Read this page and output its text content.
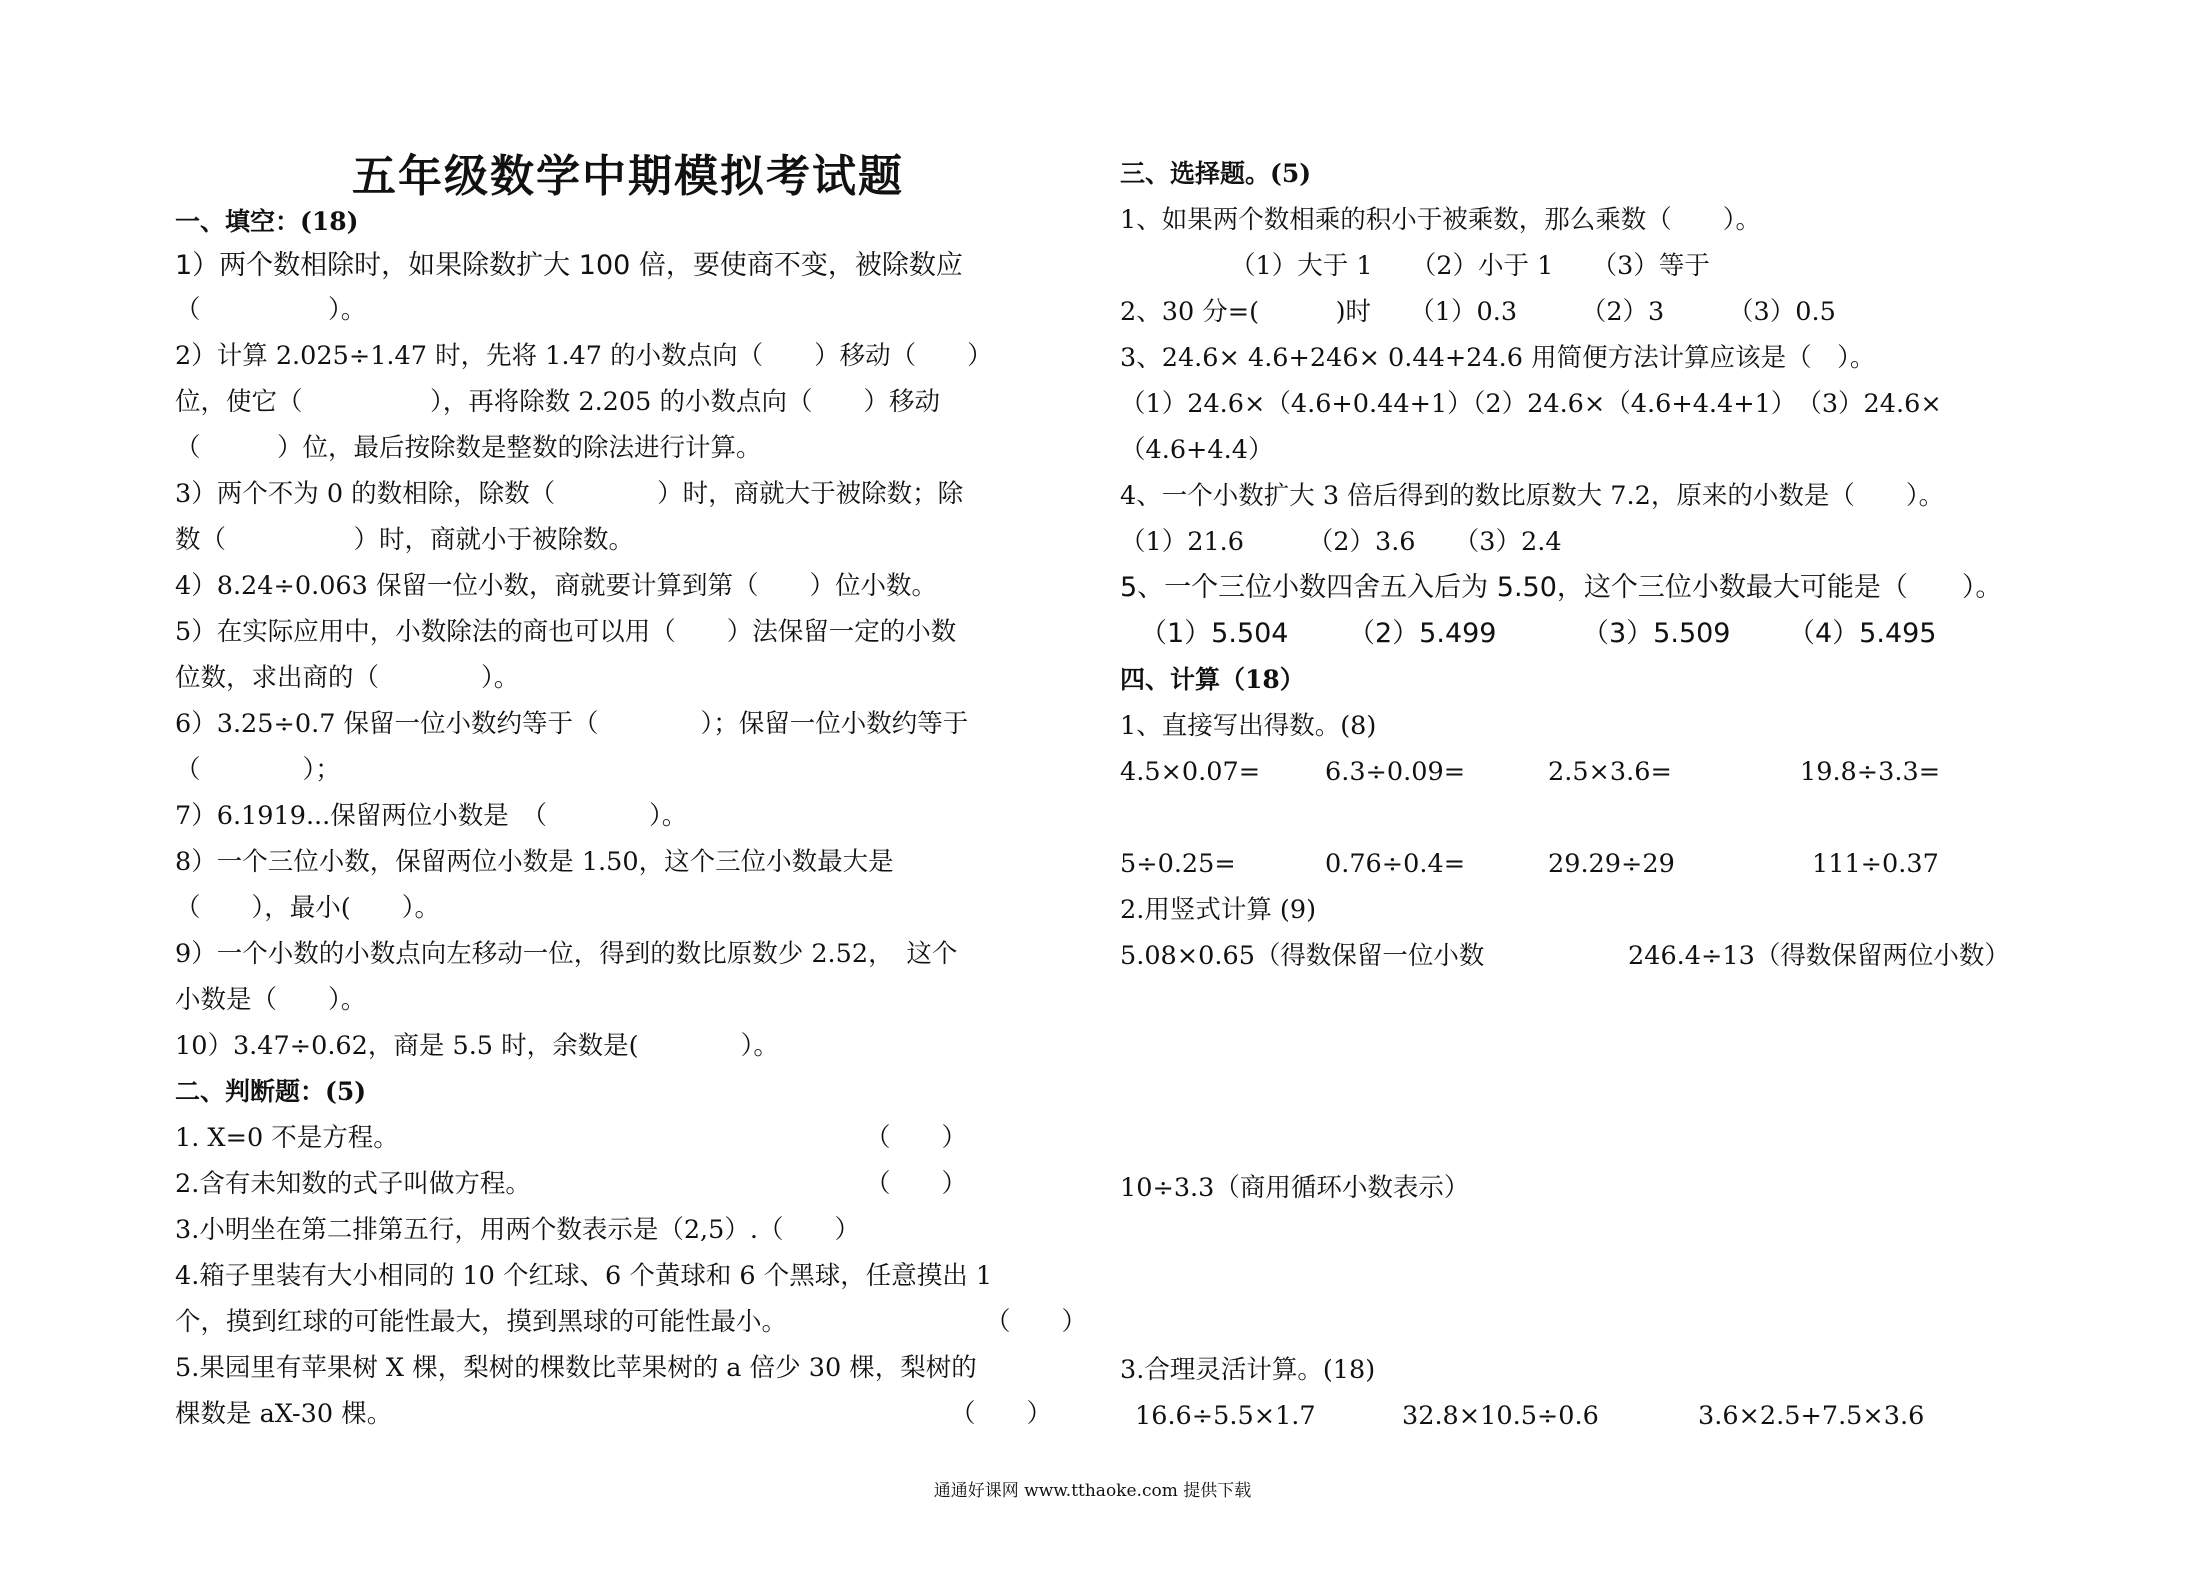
五年级数学中期模拟考试题
一、填空：(18)
1）两个数相除时，如果除数扩大 100 倍，要使商不变，被除数应
（　　　　　）。
2）计算 2.025÷1.47 时，先将 1.47 的小数点向（　　）移动（　　）
位，使它（　　　　　），再将除数 2.205 的小数点向（　　）移动
（　　　）位，最后按除数是整数的除法进行计算。
3）两个不为 0 的数相除，除数（　　　　）时，商就大于被除数；除
数（　　　　　）时，商就小于被除数。
4）8.24÷0.063 保留一位小数，商就要计算到第（　　）位小数。
5）在实际应用中，小数除法的商也可以用（　　）法保留一定的小数
位数，求出商的（　　　　）。
6）3.25÷0.7 保留一位小数约等于（　　　　）；保留一位小数约等于
（　　　　）；
7）6.1919...保留两位小数是　（　　　　）。
8）一个三位小数，保留两位小数是 1.50，这个三位小数最大是
（　　），最小(　　）。
9）一个小数的小数点向左移动一位，得到的数比原数少 2.52，　这个
小数是（　　）。
10）3.47÷0.62，商是 5.5 时，余数是(　　　　）。
二、判断题：(5)
1. X=0 不是方程。	（　　）
2.含有未知数的式子叫做方程。	（　　）
3.小明坐在第二排第五行，用两个数表示是（2,5）.（　　）
4.箱子里装有大小相同的 10 个红球、6 个黄球和 6 个黑球，任意摸出 1
个，摸到红球的可能性最大，摸到黑球的可能性最小。	（　　）
5.果园里有苹果树 X 棵，梨树的棵数比苹果树的 a 倍少 30 棵，梨树的
棵数是 aX-30 棵。	（　　）
三、选择题。(5)
1、如果两个数相乘的积小于被乘数，那么乘数（　　）。
（1）大于 1　　（2）小于 1　　（3）等于
2、30 分=(　　　)时　　（1）0.3　　　（2）3　　　（3）0.5
3、24.6× 4.6+246× 0.44+24.6 用简便方法计算应该是（　）。
（1）24.6×（4.6+0.44+1）（2）24.6×（4.6+4.4+1）　（3）24.6×
（4.6+4.4）
4、一个小数扩大 3 倍后得到的数比原数大 7.2，原来的小数是（　　）。
（1）21.6　　　（2）3.6　　（3）2.4
5、一个三位小数四舍五入后为 5.50，这个三位小数最大可能是（　　）。
（1）5.504 （2）5.499	（3）5.509 （4）5.495
四、计算（18）
1、直接写出得数。(8)
4.5×0.07=	6.3÷0.09=	2.5×3.6=	19.8÷3.3=
5÷0.25=	0.76÷0.4=	29.29÷29	111÷0.37
2.用竖式计算 (9)
5.08×0.65（得数保留一位小数	246.4÷13（得数保留两位小数）
10÷3.3（商用循环小数表示）
3.合理灵活计算。(18)
16.6÷5.5×1.7	32.8×10.5÷0.6	3.6×2.5+7.5×3.6
通通好课网 www.tthaoke.com 提供下载
